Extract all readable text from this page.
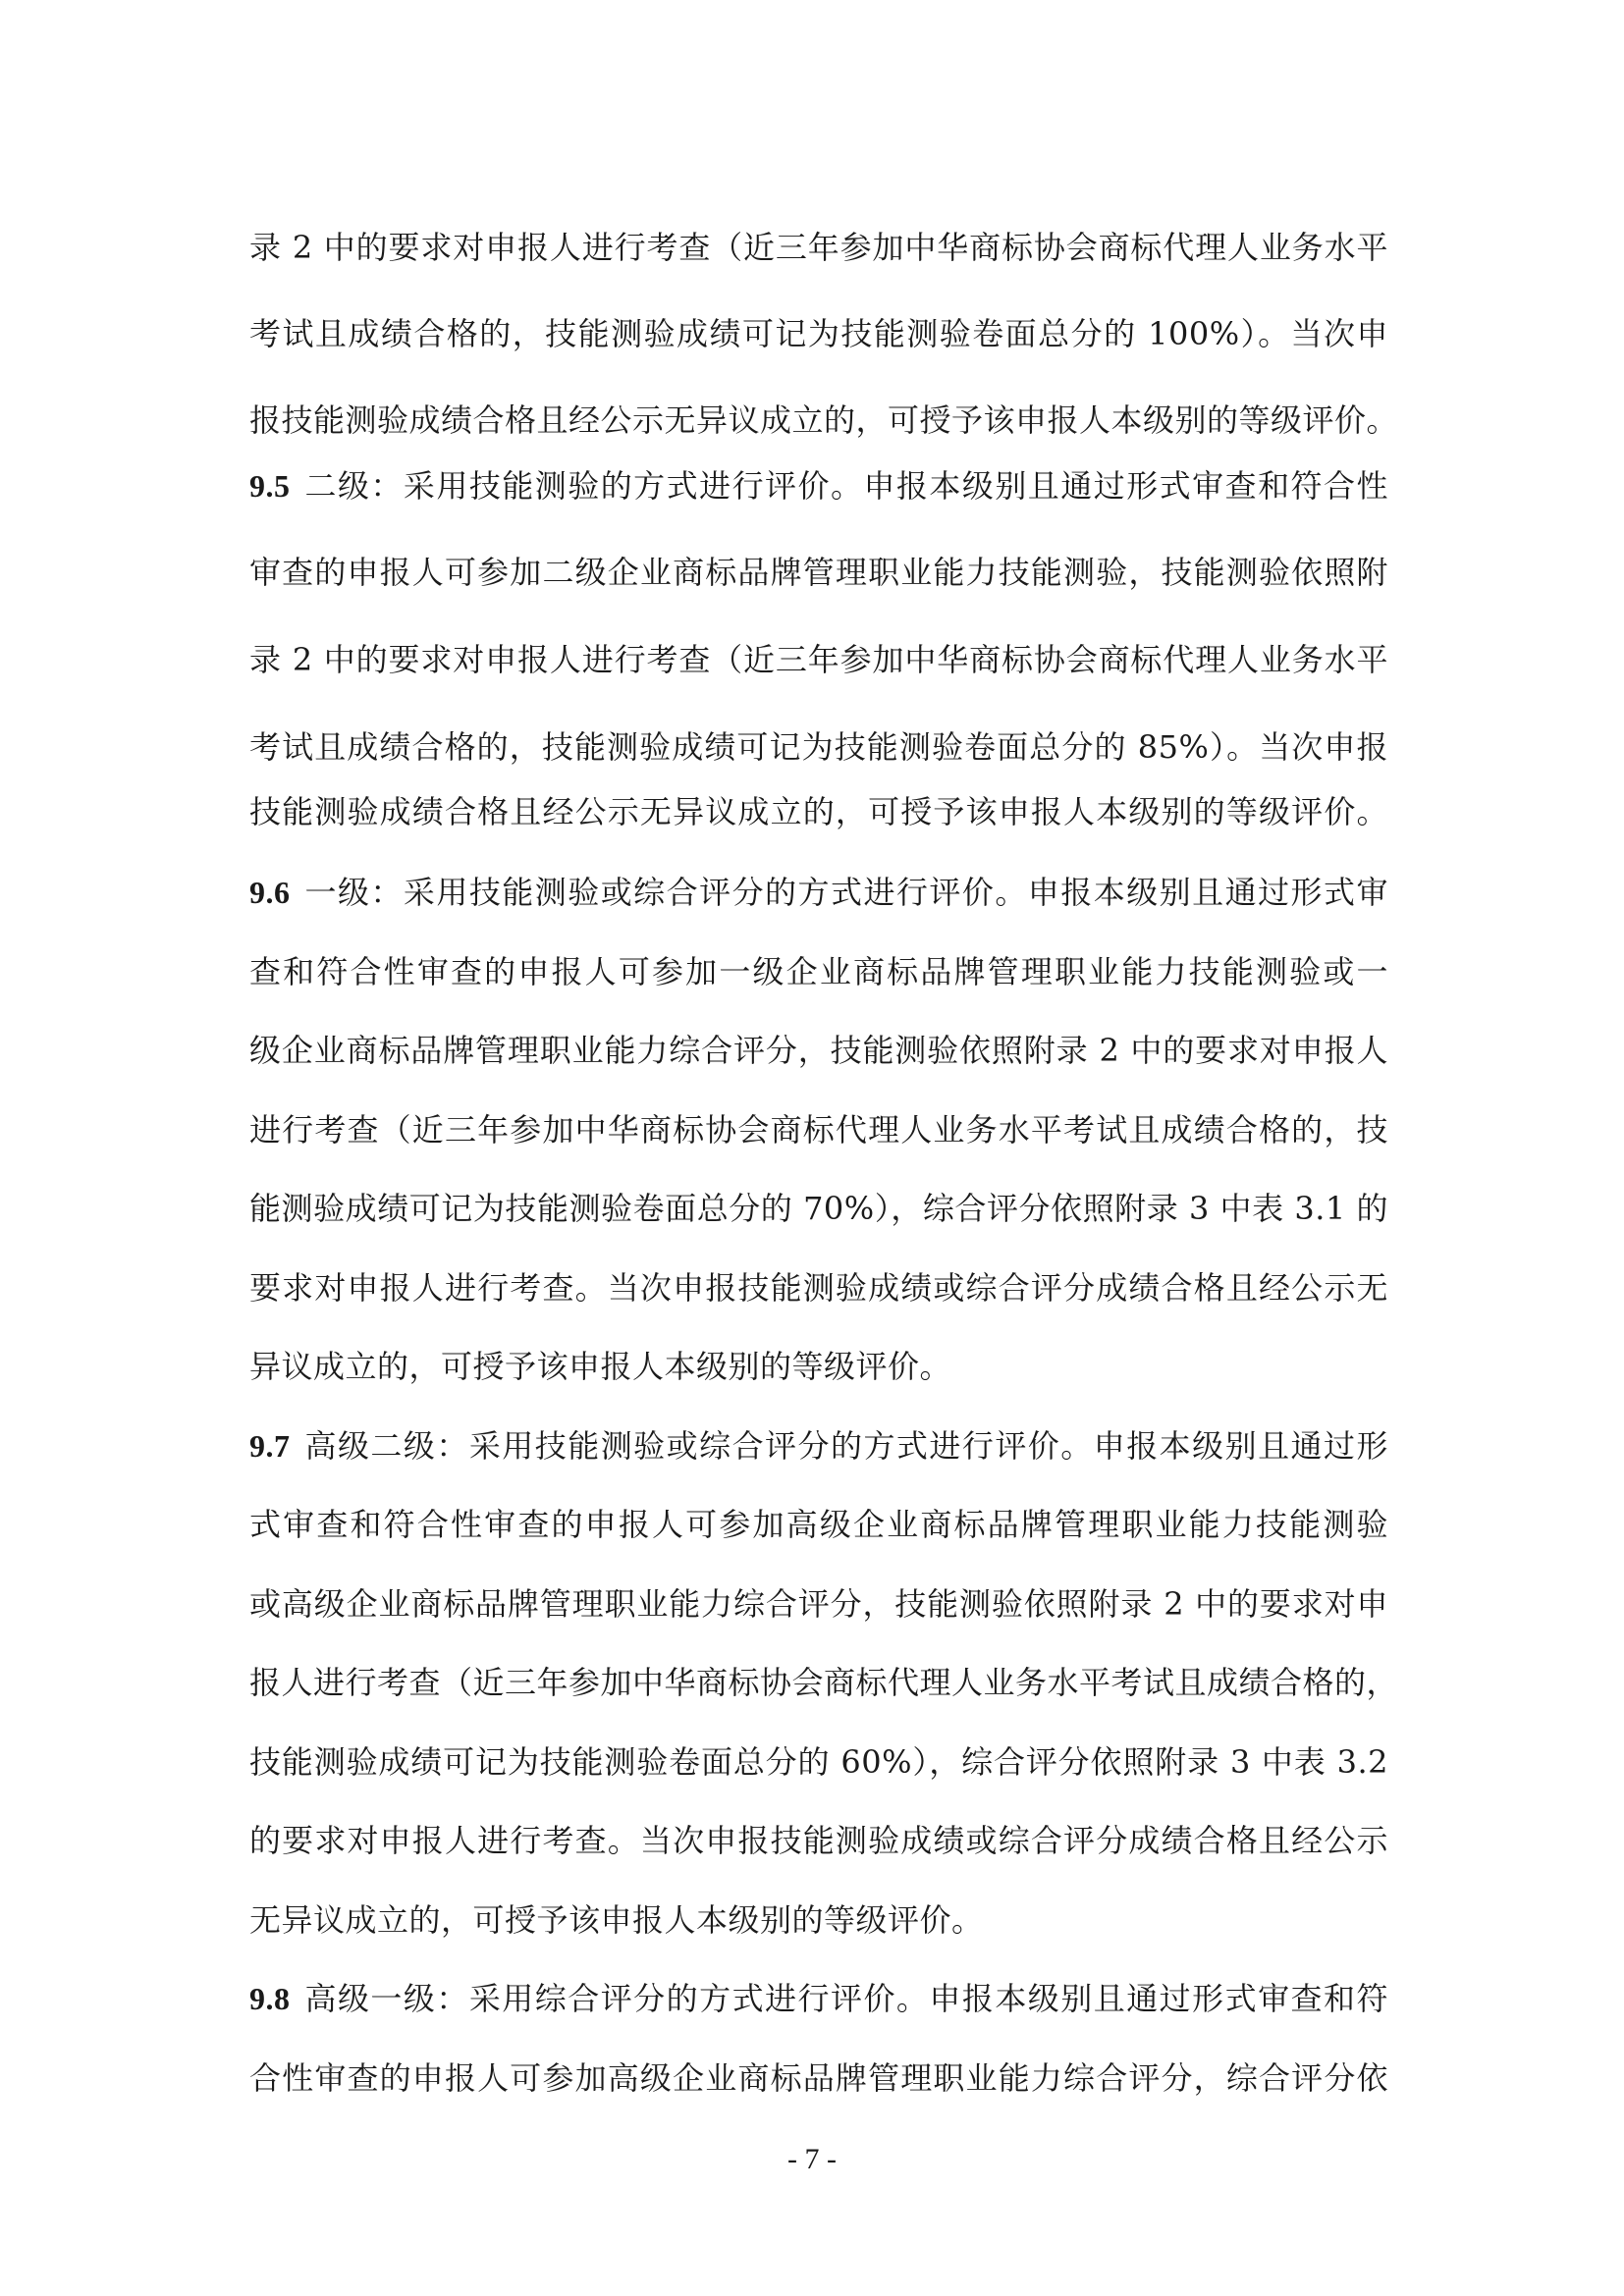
录 2 中的要求对申报人进行考查（近三年参加中华商标协会商标代理人业务水平
考试且成绩合格的，技能测验成绩可记为技能测验卷面总分的 100%）。当次申
报技能测验成绩合格且经公示无异议成立的，可授予该申报人本级别的等级评价。
9.5 二级：采用技能测验的方式进行评价。申报本级别且通过形式审查和符合性
审查的申报人可参加二级企业商标品牌管理职业能力技能测验，技能测验依照附
录 2 中的要求对申报人进行考查（近三年参加中华商标协会商标代理人业务水平
考试且成绩合格的，技能测验成绩可记为技能测验卷面总分的 85%）。当次申报
技能测验成绩合格且经公示无异议成立的，可授予该申报人本级别的等级评价。
9.6 一级：采用技能测验或综合评分的方式进行评价。申报本级别且通过形式审
查和符合性审查的申报人可参加一级企业商标品牌管理职业能力技能测验或一
级企业商标品牌管理职业能力综合评分，技能测验依照附录 2 中的要求对申报人
进行考查（近三年参加中华商标协会商标代理人业务水平考试且成绩合格的，技
能测验成绩可记为技能测验卷面总分的 70%），综合评分依照附录 3 中表 3.1 的
要求对申报人进行考查。当次申报技能测验成绩或综合评分成绩合格且经公示无
异议成立的，可授予该申报人本级别的等级评价。
9.7 高级二级：采用技能测验或综合评分的方式进行评价。申报本级别且通过形
式审查和符合性审查的申报人可参加高级企业商标品牌管理职业能力技能测验
或高级企业商标品牌管理职业能力综合评分，技能测验依照附录 2 中的要求对申
报人进行考查（近三年参加中华商标协会商标代理人业务水平考试且成绩合格的，
技能测验成绩可记为技能测验卷面总分的 60%），综合评分依照附录 3 中表 3.2
的要求对申报人进行考查。当次申报技能测验成绩或综合评分成绩合格且经公示
无异议成立的，可授予该申报人本级别的等级评价。
9.8 高级一级：采用综合评分的方式进行评价。申报本级别且通过形式审查和符
合性审查的申报人可参加高级企业商标品牌管理职业能力综合评分，综合评分依
- 7 -
